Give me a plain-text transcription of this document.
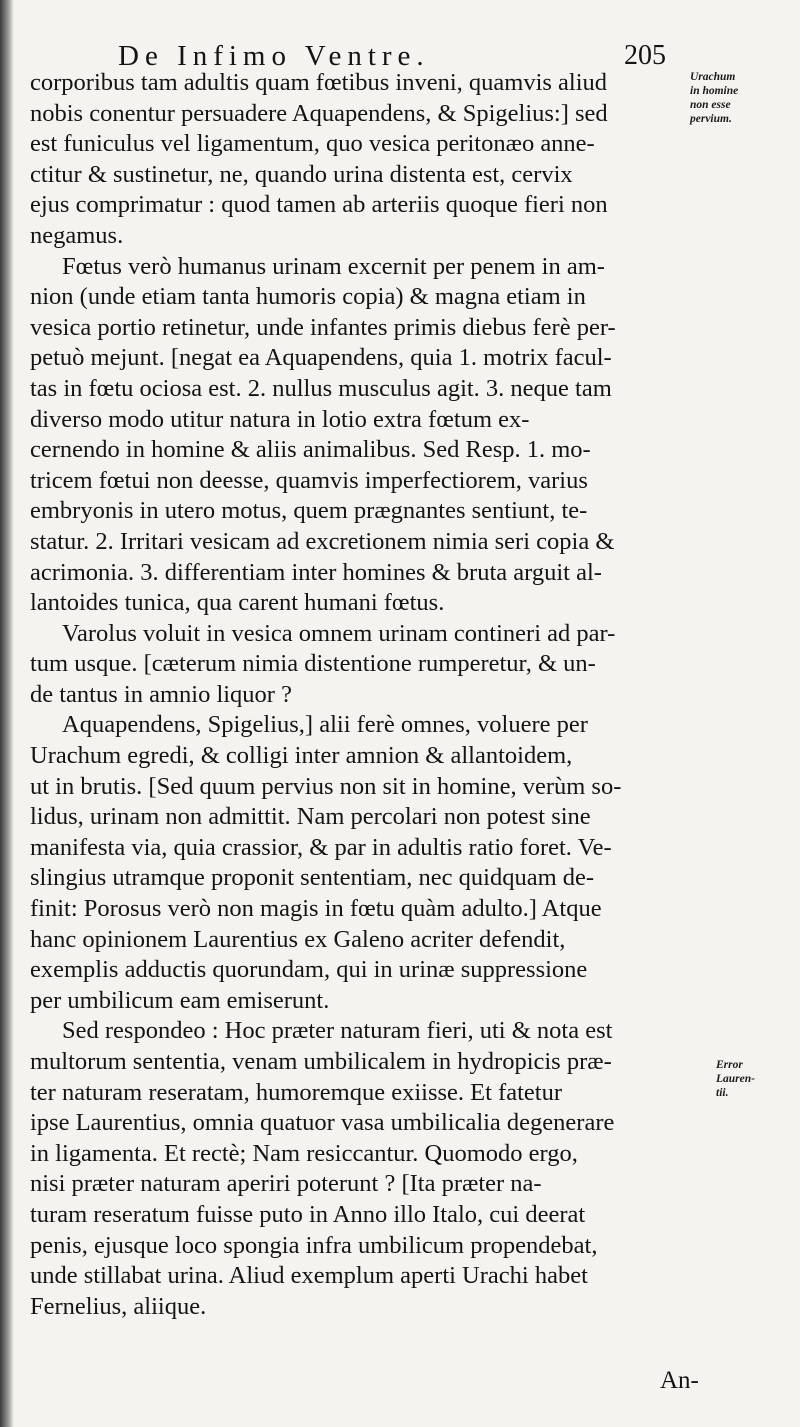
De Infimo Ventre.	205
Urachum
in homine
non esse
pervium.
Error
Lauren-
tii.
corporibus tam adultis quam fœtibus inveni, quamvis aliud
nobis conentur persuadere Aquapendens, & Spigelius:] sed
est funiculus vel ligamentum, quo vesica peritonæo anne-
ctitur & sustinetur, ne, quando urina distenta est, cervix
ejus comprimatur : quod tamen ab arteriis quoque fieri non
negamus.
Fœtus verò humanus urinam excernit per penem in am-
nion (unde etiam tanta humoris copia) & magna etiam in
vesica portio retinetur, unde infantes primis diebus ferè per-
petuò mejunt. [negat ea Aquapendens, quia 1. motrix facul-
tas in fœtu ociosa est. 2. nullus musculus agit. 3. neque tam
diverso modo utitur natura in lotio extra fœtum ex-
cernendo in homine & aliis animalibus. Sed Resp. 1. mo-
tricem fœtui non deesse, quamvis imperfectiorem, varius
embryonis in utero motus, quem prægnantes sentiunt, te-
statur. 2. Irritari vesicam ad excretionem nimia seri copia &
acrimonia. 3. differentiam inter homines & bruta arguit al-
lantoides tunica, qua carent humani fœtus.
Varolus voluit in vesica omnem urinam contineri ad par-
tum usque. [cæterum nimia distentione rumperetur, & un-
de tantus in amnio liquor ?
Aquapendens, Spigelius,] alii ferè omnes, voluere per
Urachum egredi, & colligi inter amnion & allantoidem,
ut in brutis. [Sed quum pervius non sit in homine, verùm so-
lidus, urinam non admittit. Nam percolari non potest sine
manifesta via, quia crassior, & par in adultis ratio foret. Ve-
slingius utramque proponit sententiam, nec quidquam de-
finit: Porosus verò non magis in fœtu quàm adulto.] Atque
hanc opinionem Laurentius ex Galeno acriter defendit,
exemplis adductis quorundam, qui in urinæ suppressione
per umbilicum eam emiserunt.
Sed respondeo : Hoc præter naturam fieri, uti & nota est
multorum sententia, venam umbilicalem in hydropicis præ-
ter naturam reseratam, humoremque exiisse. Et fatetur
ipse Laurentius, omnia quatuor vasa umbilicalia degenerare
in ligamenta. Et rectè; Nam resiccantur. Quomodo ergo,
nisi præter naturam aperiri poterunt ? [Ita præter na-
turam reseratum fuisse puto in Anno illo Italo, cui deerat
penis, ejusque loco spongia infra umbilicum propendebat,
unde stillabat urina. Aliud exemplum aperti Urachi habet
Fernelius, aliique.
An-
